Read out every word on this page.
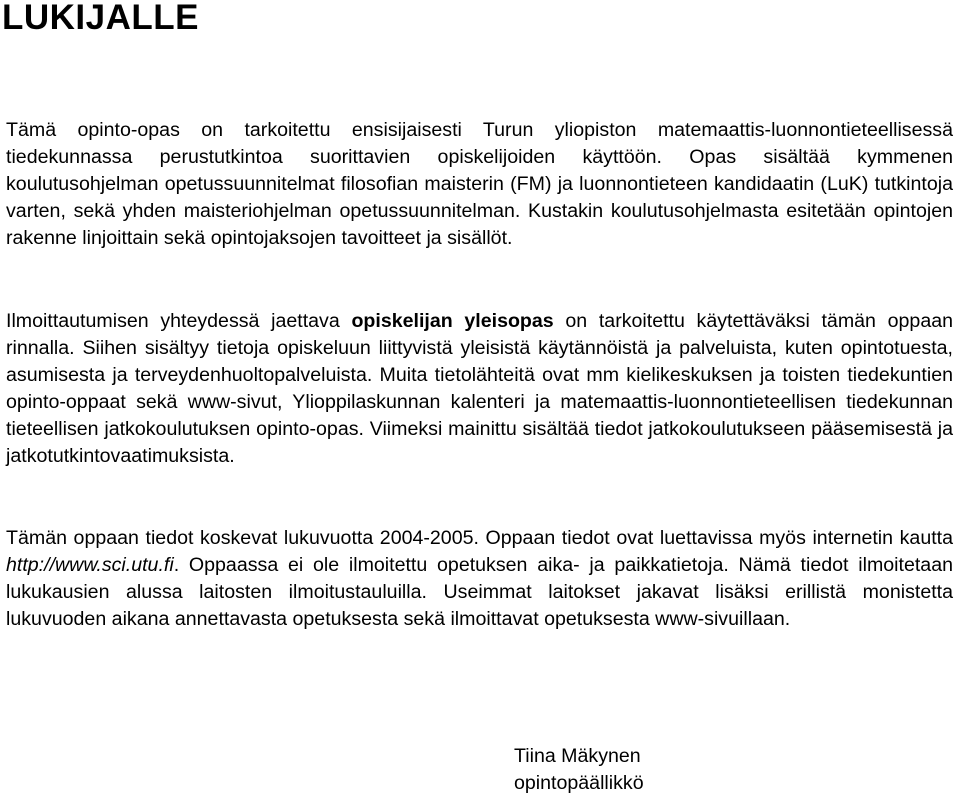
LUKIJALLE

Tämä opinto-opas on tarkoitettu ensisijaisesti Turun yliopiston matemaattis-luonnontieteellisessä tiedekunnassa perustutkintoa suorittavien opiskelijoiden käyttöön. Opas sisältää kymmenen koulutusohjelman opetussuunnitelmat filosofian maisterin (FM) ja luonnontieteen kandidaatin (LuK) tutkintoja varten, sekä yhden maisteriohjelman opetussuunnitelman. Kustakin koulutusohjelmasta esitetään opintojen rakenne linjoittain sekä opintojaksojen tavoitteet ja sisällöt.

Ilmoittautumisen yhteydessä jaettava opiskelijan yleisopas on tarkoitettu käytettäväksi tämän oppaan rinnalla. Siihen sisältyy tietoja opiskeluun liittyvistä yleisistä käytännöistä ja palveluista, kuten opintotuesta, asumisesta ja terveydenhuoltopalveluista. Muita tietolähteitä ovat mm kielikeskuksen ja toisten tiedekuntien opinto-oppaat sekä www-sivut, Ylioppilaskunnan kalenteri ja matemaattis-luonnontieteellisen tiedekunnan tieteellisen jatkokoulutuksen opinto-opas. Viimeksi mainittu sisältää tiedot jatkokoulutukseen pääsemisestä ja jatkotutkintovaatimuksista.

Tämän oppaan tiedot koskevat lukuvuotta 2004-2005. Oppaan tiedot ovat luettavissa myös internetin kautta http://www.sci.utu.fi. Oppaassa ei ole ilmoitettu opetuksen aika- ja paikkatietoja. Nämä tiedot ilmoitetaan lukukausien alussa laitosten ilmoitustauluilla. Useimmat laitokset jakavat lisäksi erillistä monistetta lukuvuoden aikana annettavasta opetuksesta sekä ilmoittavat opetuksesta www-sivuillaan.

Tiina Mäkynen
opintopäällikkö
